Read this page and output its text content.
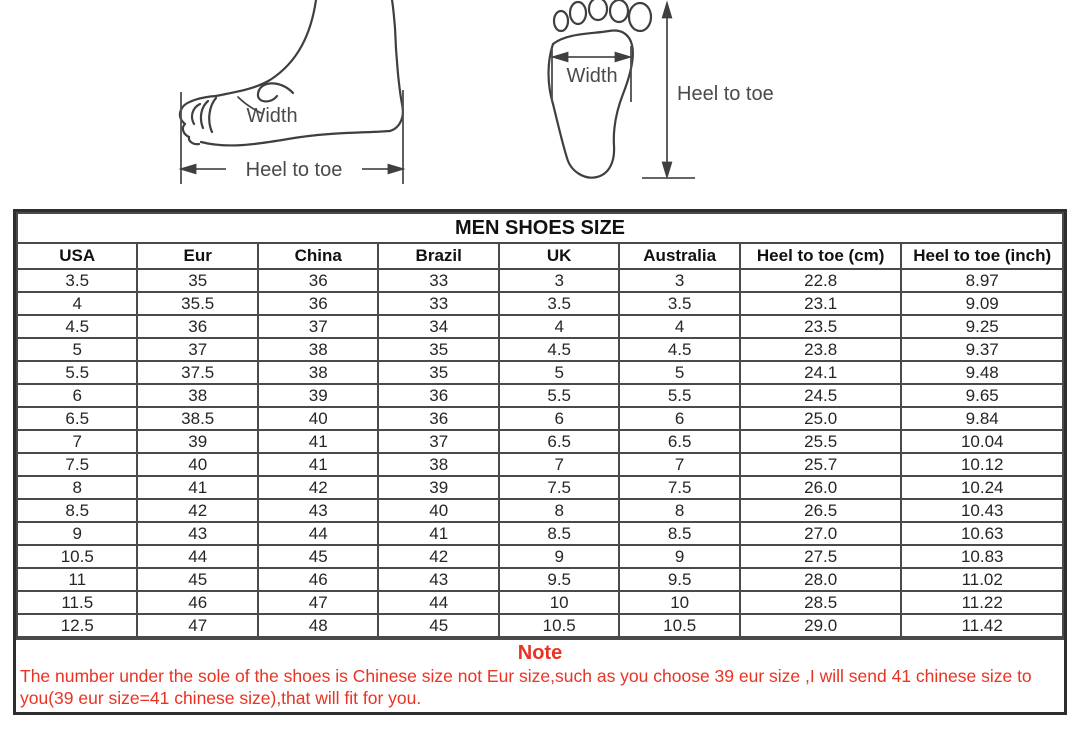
Width
Heel to toe
Width
Heel to toe
MEN SHOES SIZE							
USA	Eur	China	Brazil	UK	Australia	Heel to toe (cm)	Heel to toe (inch)
3.5	35	36	33	3	3	22.8	8.97
4	35.5	36	33	3.5	3.5	23.1	9.09
4.5	36	37	34	4	4	23.5	9.25
5	37	38	35	4.5	4.5	23.8	9.37
5.5	37.5	38	35	5	5	24.1	9.48
6	38	39	36	5.5	5.5	24.5	9.65
6.5	38.5	40	36	6	6	25.0	9.84
7	39	41	37	6.5	6.5	25.5	10.04
7.5	40	41	38	7	7	25.7	10.12
8	41	42	39	7.5	7.5	26.0	10.24
8.5	42	43	40	8	8	26.5	10.43
9	43	44	41	8.5	8.5	27.0	10.63
10.5	44	45	42	9	9	27.5	10.83
11	45	46	43	9.5	9.5	28.0	11.02
11.5	46	47	44	10	10	28.5	11.22
12.5	47	48	45	10.5	10.5	29.0	11.42
Note
The number under the sole of the shoes is Chinese size not Eur size,such as you choose 39 eur size ,I will send 41 chinese size to you(39 eur size=41 chinese size),that will fit for you.
